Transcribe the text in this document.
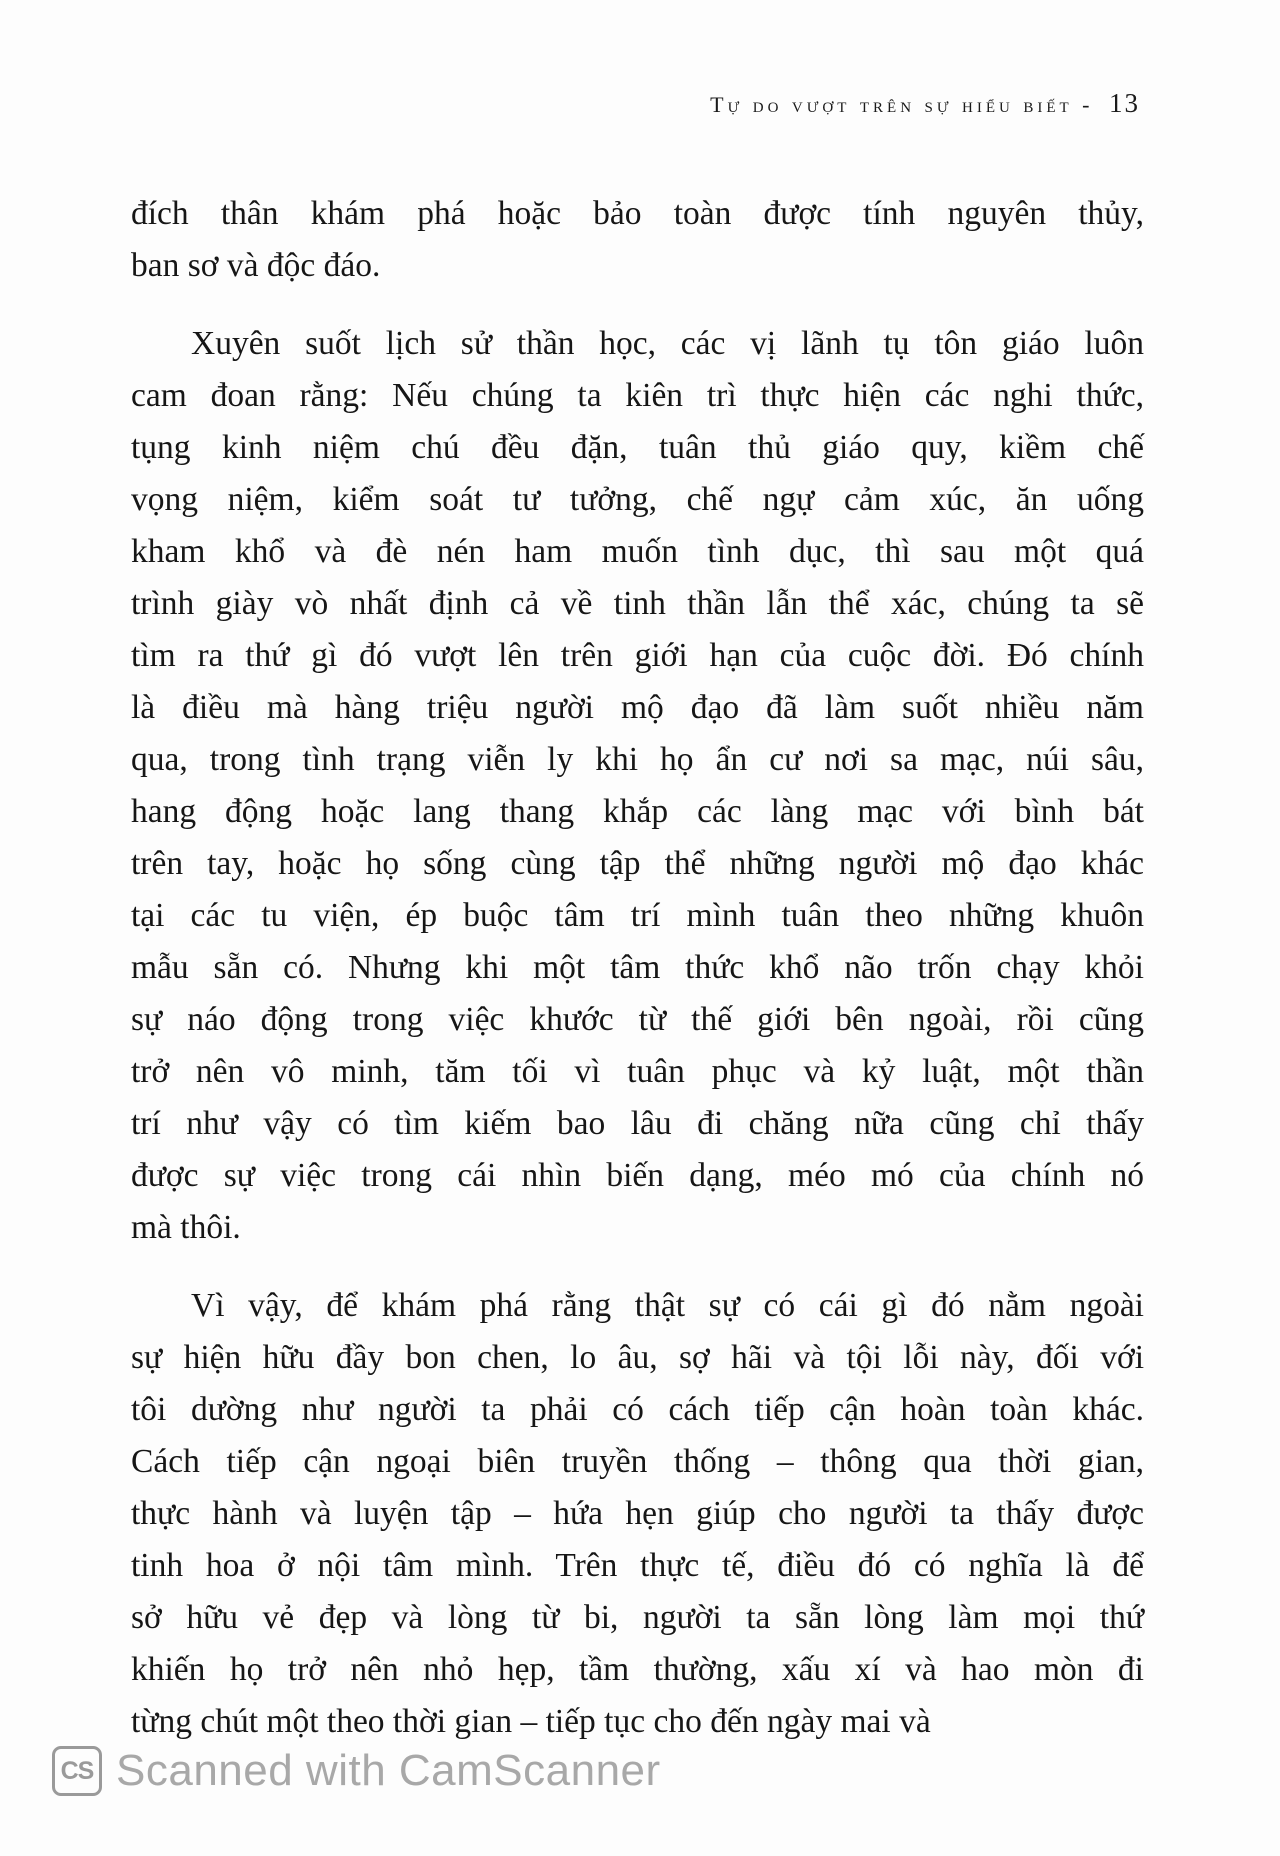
Tự do vượt trên sự hiểu biết - 13
đích thân khám phá hoặc bảo toàn được tính nguyên thủy,
ban sơ và độc đáo.
Xuyên suốt lịch sử thần học, các vị lãnh tụ tôn giáo luôn
cam đoan rằng: Nếu chúng ta kiên trì thực hiện các nghi thức,
tụng kinh niệm chú đều đặn, tuân thủ giáo quy, kiềm chế
vọng niệm, kiểm soát tư tưởng, chế ngự cảm xúc, ăn uống
kham khổ và đè nén ham muốn tình dục, thì sau một quá
trình giày vò nhất định cả về tinh thần lẫn thể xác, chúng ta sẽ
tìm ra thứ gì đó vượt lên trên giới hạn của cuộc đời. Đó chính
là điều mà hàng triệu người mộ đạo đã làm suốt nhiều năm
qua, trong tình trạng viễn ly khi họ ẩn cư nơi sa mạc, núi sâu,
hang động hoặc lang thang khắp các làng mạc với bình bát
trên tay, hoặc họ sống cùng tập thể những người mộ đạo khác
tại các tu viện, ép buộc tâm trí mình tuân theo những khuôn
mẫu sẵn có. Nhưng khi một tâm thức khổ não trốn chạy khỏi
sự náo động trong việc khước từ thế giới bên ngoài, rồi cũng
trở nên vô minh, tăm tối vì tuân phục và kỷ luật, một thần
trí như vậy có tìm kiếm bao lâu đi chăng nữa cũng chỉ thấy
được sự việc trong cái nhìn biến dạng, méo mó của chính nó
mà thôi.
Vì vậy, để khám phá rằng thật sự có cái gì đó nằm ngoài
sự hiện hữu đầy bon chen, lo âu, sợ hãi và tội lỗi này, đối với
tôi dường như người ta phải có cách tiếp cận hoàn toàn khác.
Cách tiếp cận ngoại biên truyền thống – thông qua thời gian,
thực hành và luyện tập – hứa hẹn giúp cho người ta thấy được
tinh hoa ở nội tâm mình. Trên thực tế, điều đó có nghĩa là để
sở hữu vẻ đẹp và lòng từ bi, người ta sẵn lòng làm mọi thứ
khiến họ trở nên nhỏ hẹp, tầm thường, xấu xí và hao mòn đi
từng chút một theo thời gian – tiếp tục cho đến ngày mai và
CS Scanned with CamScanner
